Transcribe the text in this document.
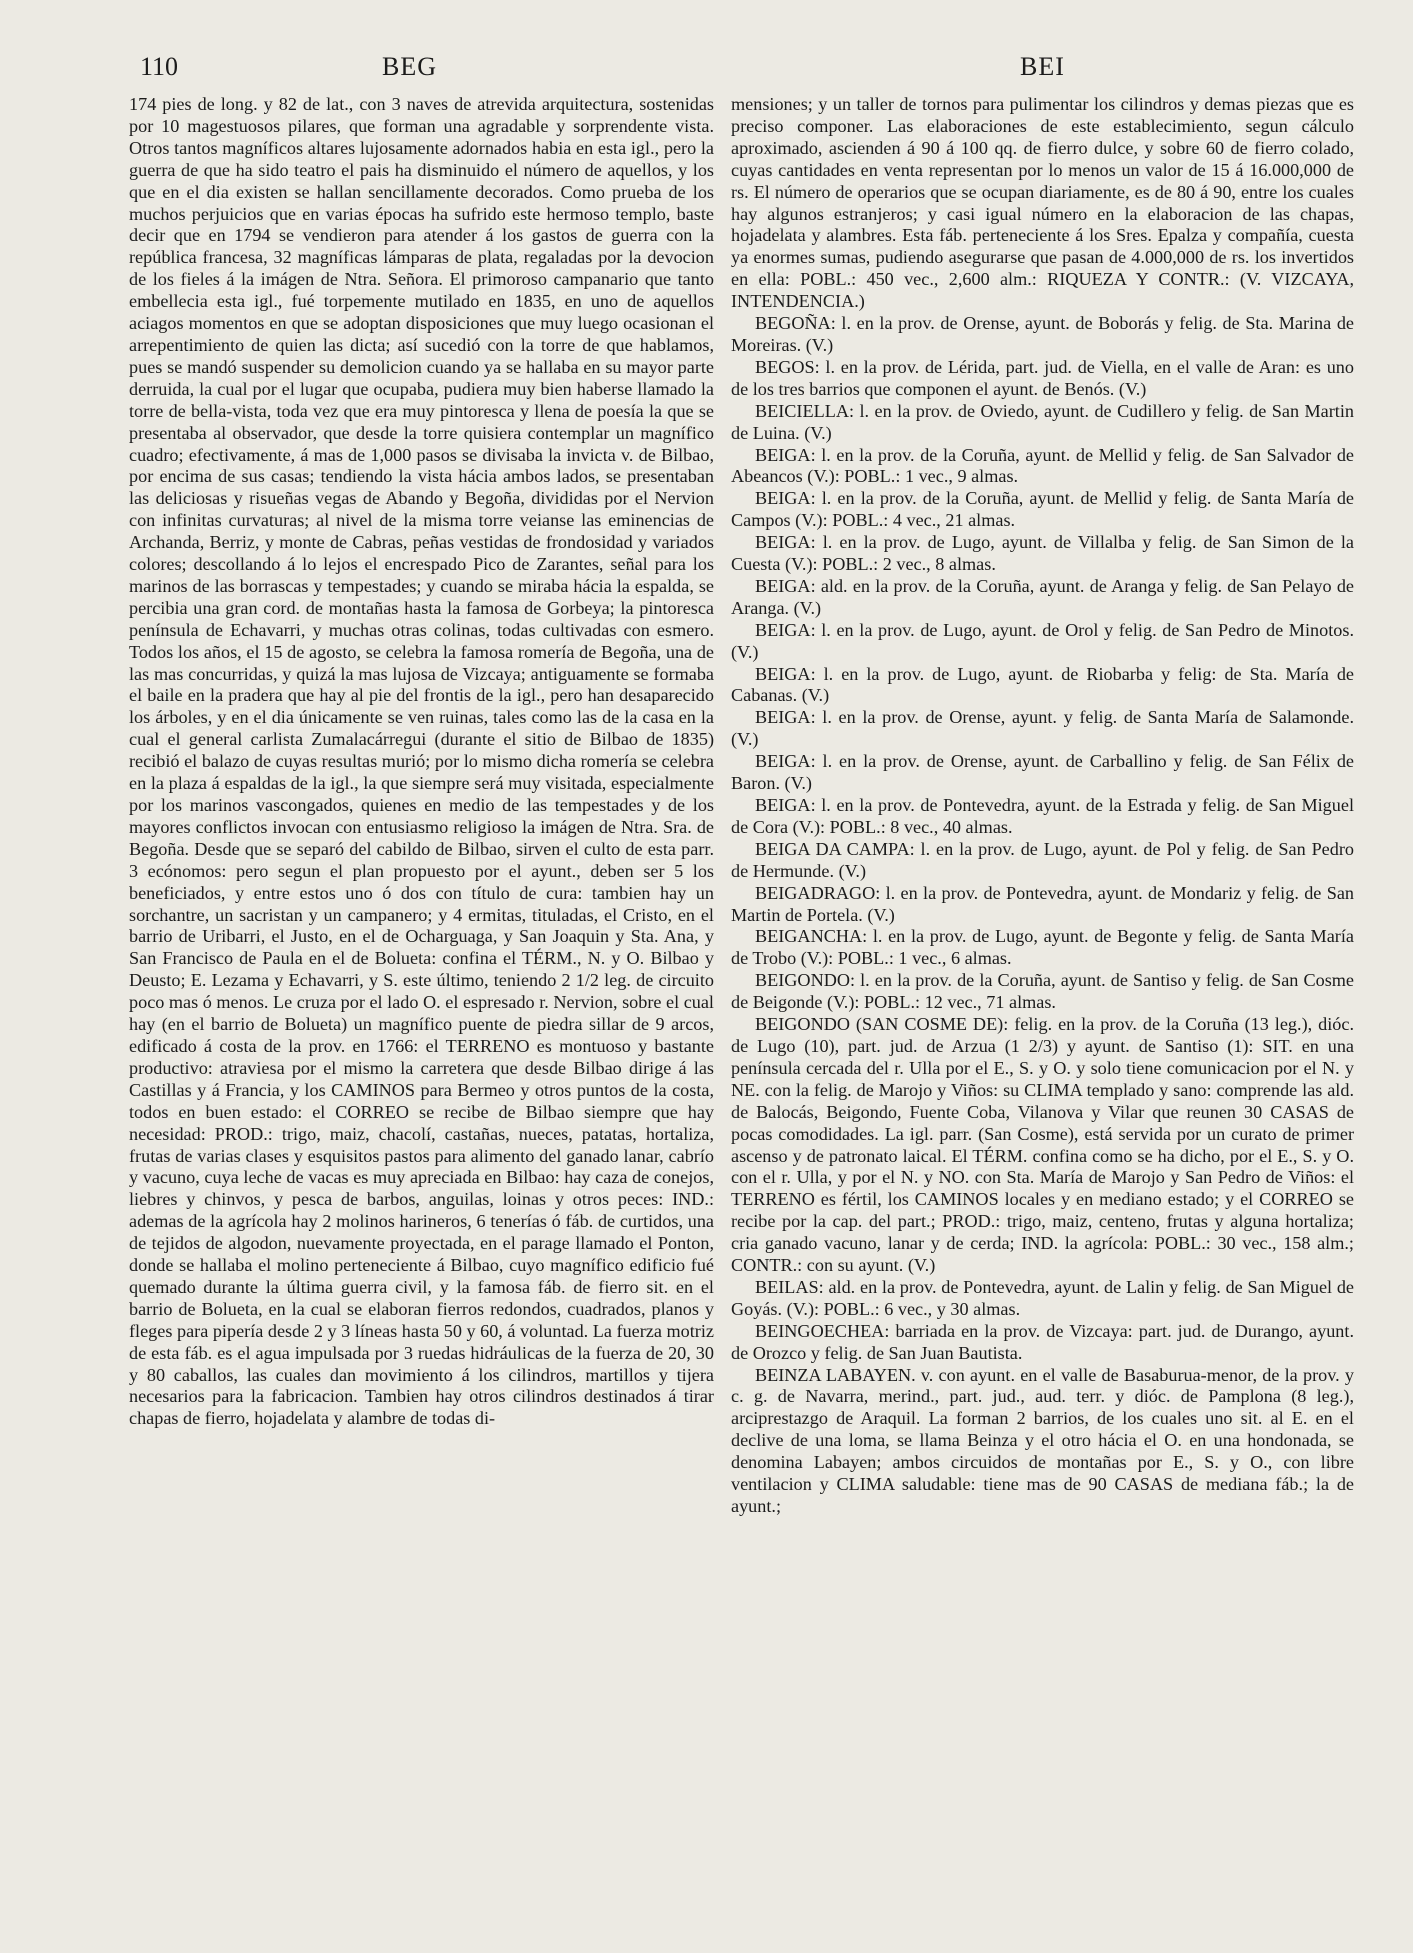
110	BEG	BEI

174 pies de long. y 82 de lat., con 3 naves de atrevida arquitectura, sostenidas por 10 magestuosos pilares, que forman una agradable y sorprendente vista. Otros tantos magníficos altares lujosamente adornados habia en esta igl., pero la guerra de que ha sido teatro el pais ha disminuido el número de aquellos, y los que en el dia existen se hallan sencillamente decorados. Como prueba de los muchos perjuicios que en varias épocas ha sufrido este hermoso templo, baste decir que en 1794 se vendieron para atender á los gastos de guerra con la república francesa, 32 magníficas lámparas de plata, regaladas por la devocion de los fieles á la imágen de Ntra. Señora. El primoroso campanario que tanto embellecia esta igl., fué torpemente mutilado en 1835, en uno de aquellos aciagos momentos en que se adoptan disposiciones que muy luego ocasionan el arrepentimiento de quien las dicta; así sucedió con la torre de que hablamos, pues se mandó suspender su demolicion cuando ya se hallaba en su mayor parte derruida, la cual por el lugar que ocupaba, pudiera muy bien haberse llamado la torre de bella-vista, toda vez que era muy pintoresca y llena de poesía la que se presentaba al observador, que desde la torre quisiera contemplar un magnífico cuadro; efectivamente, á mas de 1,000 pasos se divisaba la invicta v. de Bilbao, por encima de sus casas; tendiendo la vista hácia ambos lados, se presentaban las deliciosas y risueñas vegas de Abando y Begoña, divididas por el Nervion con infinitas curvaturas; al nivel de la misma torre veianse las eminencias de Archanda, Berriz, y monte de Cabras, peñas vestidas de frondosidad y variados colores; descollando á lo lejos el encrespado Pico de Zarantes, señal para los marinos de las borrascas y tempestades; y cuando se miraba hácia la espalda, se percibia una gran cord. de montañas hasta la famosa de Gorbeya; la pintoresca península de Echavarri, y muchas otras colinas, todas cultivadas con esmero. Todos los años, el 15 de agosto, se celebra la famosa romería de Begoña, una de las mas concurridas, y quizá la mas lujosa de Vizcaya; antiguamente se formaba el baile en la pradera que hay al pie del frontis de la igl., pero han desaparecido los árboles, y en el dia únicamente se ven ruinas, tales como las de la casa en la cual el general carlista Zumalacárregui (durante el sitio de Bilbao de 1835) recibió el balazo de cuyas resultas murió; por lo mismo dicha romería se celebra en la plaza á espaldas de la igl., la que siempre será muy visitada, especialmente por los marinos vascongados, quienes en medio de las tempestades y de los mayores conflictos invocan con entusiasmo religioso la imágen de Ntra. Sra. de Begoña. Desde que se separó del cabildo de Bilbao, sirven el culto de esta parr. 3 ecónomos: pero segun el plan propuesto por el ayunt., deben ser 5 los beneficiados, y entre estos uno ó dos con título de cura: tambien hay un sorchantre, un sacristan y un campanero; y 4 ermitas, tituladas, el Cristo, en el barrio de Uribarri, el Justo, en el de Ocharguaga, y San Joaquin y Sta. Ana, y San Francisco de Paula en el de Bolueta: confina el TÉRM., N. y O. Bilbao y Deusto; E. Lezama y Echavarri, y S. este último, teniendo 2 1/2 leg. de circuito poco mas ó menos. Le cruza por el lado O. el espresado r. Nervion, sobre el cual hay (en el barrio de Bolueta) un magnífico puente de piedra sillar de 9 arcos, edificado á costa de la prov. en 1766: el TERRENO es montuoso y bastante productivo: atraviesa por el mismo la carretera que desde Bilbao dirige á las Castillas y á Francia, y los CAMINOS para Bermeo y otros puntos de la costa, todos en buen estado: el CORREO se recibe de Bilbao siempre que hay necesidad: PROD.: trigo, maiz, chacolí, castañas, nueces, patatas, hortaliza, frutas de varias clases y esquisitos pastos para alimento del ganado lanar, cabrío y vacuno, cuya leche de vacas es muy apreciada en Bilbao: hay caza de conejos, liebres y chinvos, y pesca de barbos, anguilas, loinas y otros peces: IND.: ademas de la agrícola hay 2 molinos harineros, 6 tenerías ó fáb. de curtidos, una de tejidos de algodon, nuevamente proyectada, en el parage llamado el Ponton, donde se hallaba el molino perteneciente á Bilbao, cuyo magnífico edificio fué quemado durante la última guerra civil, y la famosa fáb. de fierro sit. en el barrio de Bolueta, en la cual se elaboran fierros redondos, cuadrados, planos y fleges para pipería desde 2 y 3 líneas hasta 50 y 60, á voluntad. La fuerza motriz de esta fáb. es el agua impulsada por 3 ruedas hidráulicas de la fuerza de 20, 30 y 80 caballos, las cuales dan movimiento á los cilindros, martillos y tijera necesarios para la fabricacion. Tambien hay otros cilindros destinados á tirar chapas de fierro, hojadelata y alambre de todas di-

mensiones; y un taller de tornos para pulimentar los cilindros y demas piezas que es preciso componer. Las elaboraciones de este establecimiento, segun cálculo aproximado, ascienden á 90 á 100 qq. de fierro dulce, y sobre 60 de fierro colado, cuyas cantidades en venta representan por lo menos un valor de 15 á 16.000,000 de rs. El número de operarios que se ocupan diariamente, es de 80 á 90, entre los cuales hay algunos estranjeros; y casi igual número en la elaboracion de las chapas, hojadelata y alambres. Esta fáb. perteneciente á los Sres. Epalza y compañía, cuesta ya enormes sumas, pudiendo asegurarse que pasan de 4.000,000 de rs. los invertidos en ella: POBL.: 450 vec., 2,600 alm.: RIQUEZA Y CONTR.: (V. VIZCAYA, INTENDENCIA.)

BEGOÑA: l. en la prov. de Orense, ayunt. de Boborás y felig. de Sta. Marina de Moreiras. (V.)

BEGOS: l. en la prov. de Lérida, part. jud. de Viella, en el valle de Aran: es uno de los tres barrios que componen el ayunt. de Benós. (V.)

BEICIELLA: l. en la prov. de Oviedo, ayunt. de Cudillero y felig. de San Martin de Luina. (V.)

BEIGA: l. en la prov. de la Coruña, ayunt. de Mellid y felig. de San Salvador de Abeancos (V.): POBL.: 1 vec., 9 almas.

BEIGA: l. en la prov. de la Coruña, ayunt. de Mellid y felig. de Santa María de Campos (V.): POBL.: 4 vec., 21 almas.

BEIGA: l. en la prov. de Lugo, ayunt. de Villalba y felig. de San Simon de la Cuesta (V.): POBL.: 2 vec., 8 almas.

BEIGA: ald. en la prov. de la Coruña, ayunt. de Aranga y felig. de San Pelayo de Aranga. (V.)

BEIGA: l. en la prov. de Lugo, ayunt. de Orol y felig. de San Pedro de Minotos. (V.)

BEIGA: l. en la prov. de Lugo, ayunt. de Riobarba y felig: de Sta. María de Cabanas. (V.)

BEIGA: l. en la prov. de Orense, ayunt. y felig. de Santa María de Salamonde. (V.)

BEIGA: l. en la prov. de Orense, ayunt. de Carballino y felig. de San Félix de Baron. (V.)

BEIGA: l. en la prov. de Pontevedra, ayunt. de la Estrada y felig. de San Miguel de Cora (V.): POBL.: 8 vec., 40 almas.

BEIGA DA CAMPA: l. en la prov. de Lugo, ayunt. de Pol y felig. de San Pedro de Hermunde. (V.)

BEIGADRAGO: l. en la prov. de Pontevedra, ayunt. de Mondariz y felig. de San Martin de Portela. (V.)

BEIGANCHA: l. en la prov. de Lugo, ayunt. de Begonte y felig. de Santa María de Trobo (V.): POBL.: 1 vec., 6 almas.

BEIGONDO: l. en la prov. de la Coruña, ayunt. de Santiso y felig. de San Cosme de Beigonde (V.): POBL.: 12 vec., 71 almas.

BEIGONDO (SAN COSME DE): felig. en la prov. de la Coruña (13 leg.), dióc. de Lugo (10), part. jud. de Arzua (1 2/3) y ayunt. de Santiso (1): SIT. en una península cercada del r. Ulla por el E., S. y O. y solo tiene comunicacion por el N. y NE. con la felig. de Marojo y Viños: su CLIMA templado y sano: comprende las ald. de Balocás, Beigondo, Fuente Coba, Vilanova y Vilar que reunen 30 CASAS de pocas comodidades. La igl. parr. (San Cosme), está servida por un curato de primer ascenso y de patronato laical. El TÉRM. confina como se ha dicho, por el E., S. y O. con el r. Ulla, y por el N. y NO. con Sta. María de Marojo y San Pedro de Viños: el TERRENO es fértil, los CAMINOS locales y en mediano estado; y el CORREO se recibe por la cap. del part.; PROD.: trigo, maiz, centeno, frutas y alguna hortaliza; cria ganado vacuno, lanar y de cerda; IND. la agrícola: POBL.: 30 vec., 158 alm.; CONTR.: con su ayunt. (V.)

BEILAS: ald. en la prov. de Pontevedra, ayunt. de Lalin y felig. de San Miguel de Goyás. (V.): POBL.: 6 vec., y 30 almas.

BEINGOECHEA: barriada en la prov. de Vizcaya: part. jud. de Durango, ayunt. de Orozco y felig. de San Juan Bautista.

BEINZA LABAYEN. v. con ayunt. en el valle de Basaburua-menor, de la prov. y c. g. de Navarra, merind., part. jud., aud. terr. y dióc. de Pamplona (8 leg.), arciprestazgo de Araquil. La forman 2 barrios, de los cuales uno sit. al E. en el declive de una loma, se llama Beinza y el otro hácia el O. en una hondonada, se denomina Labayen; ambos circuidos de montañas por E., S. y O., con libre ventilacion y CLIMA saludable: tiene mas de 90 CASAS de mediana fáb.; la de ayunt.;
